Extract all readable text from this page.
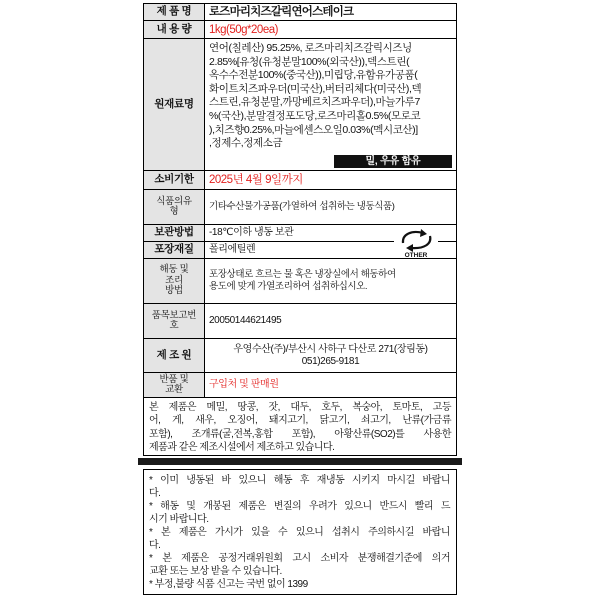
제 품 명	로즈마리치즈갈릭연어스테이크
내 용 량	1kg(50g*20ea)
원재료명
연어(칠레산) 95.25%, 로즈마리치즈갈릭시즈닝
2.85%[유청(유청분말100%(외국산)),덱스트린(
옥수수전분100%(중국산)),미립당,유함유가공품(
화이트치즈파우더(미국산),버터리체다(미국산),덱
스트린,유청분말,까망베르치즈파우더),마늘가루7
%(국산),분말결정포도당,로즈마리홀0.5%(모로코
),치즈향0.25%,마늘에센스오일0.03%(멕시코산)]
,정제수,정제소금
밀, 우유 함유
소비기한	2025년 4월 9일까지
식품의유
형	기타수산물가공품(가열하여 섭취하는 냉동식품)
보관방법	-18℃이하 냉동 보관
포장재질	폴리에틸렌
해동 및
조리
방법
포장상태로 흐르는 물 혹은 냉장실에서 해동하여
용도에 맞게 가열조리하여 섭취하십시오.
품목보고번
호	20050144621495
제 조 원	우영수산(주)/부산시 사하구 다산로 271(장림동)
051)265-9181
반품 및
교환	구입처 및 판매원
본 제품은 메밀, 땅콩, 잣, 대두, 호두, 복숭아, 토마토, 고등
어, 게, 새우, 오징어, 돼지고기, 닭고기, 쇠고기, 난류(가금류
포함), 조개류(굴,전복,홍합 포함), 아황산류(SO2)를 사용한
제품과 같은 제조시설에서 제조하고 있습니다.
OTHER
* 이미 냉동된 바 있으니 해동 후 재냉동 시키지 마시길 바랍니
다.
* 해동 및 개봉된 제품은 변질의 우려가 있으니 반드시 빨리 드
시기 바랍니다.
* 본 제품은 가시가 있을 수 있으니 섭취시 주의하시길 바랍니
다.
* 본 제품은 공정거래위원회 고시 소비자 분쟁해결기준에 의거
교환 또는 보상 받을 수 있습니다.
* 부정,불량 식품 신고는 국번 없이 1399
